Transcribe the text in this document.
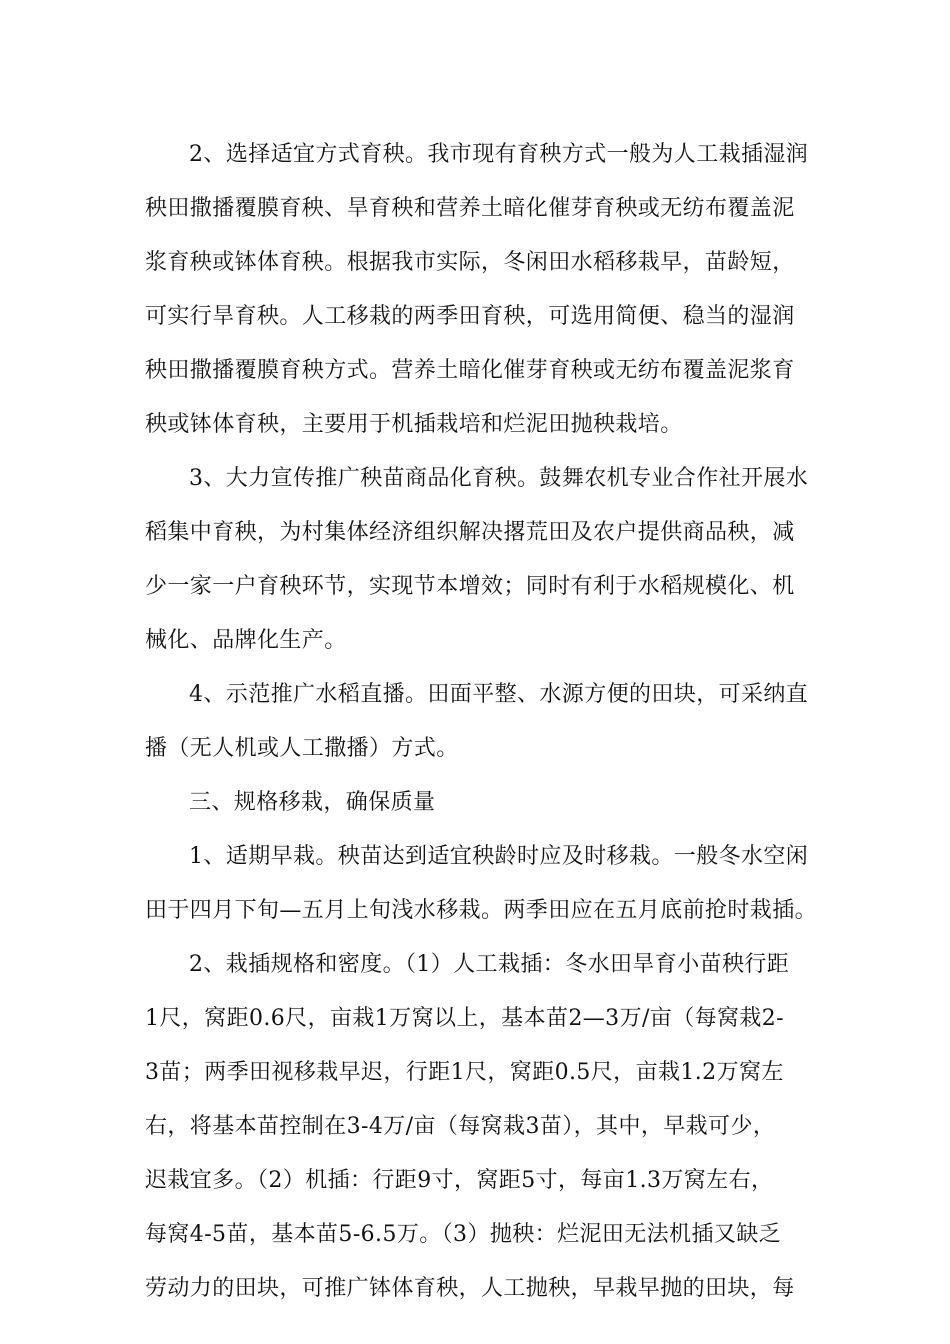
2、选择适宜方式育秧。我市现有育秧方式一般为人工栽插湿润
秧田撒播覆膜育秧、旱育秧和营养土暗化催芽育秧或无纺布覆盖泥
浆育秧或钵体育秧。根据我市实际，冬闲田水稻移栽早，苗龄短，
可实行旱育秧。人工移栽的两季田育秧，可选用简便、稳当的湿润
秧田撒播覆膜育秧方式。营养土暗化催芽育秧或无纺布覆盖泥浆育
秧或钵体育秧，主要用于机插栽培和烂泥田抛秧栽培。
3、大力宣传推广秧苗商品化育秧。鼓舞农机专业合作社开展水
稻集中育秧，为村集体经济组织解决撂荒田及农户提供商品秧，减
少一家一户育秧环节，实现节本增效；同时有利于水稻规模化、机
械化、品牌化生产。
4、示范推广水稻直播。田面平整、水源方便的田块，可采纳直
播（无人机或人工撒播）方式。
三、规格移栽，确保质量
1、适期早栽。秧苗达到适宜秧龄时应及时移栽。一般冬水空闲
田于四月下旬—五月上旬浅水移栽。两季田应在五月底前抢时栽插。
2、栽插规格和密度。（1）人工栽插：冬水田旱育小苗秧行距
1尺，窝距0.6尺，亩栽1万窝以上，基本苗2—3万/亩（每窝栽2-
3苗；两季田视移栽早迟，行距1尺，窝距0.5尺，亩栽1.2万窝左
右，将基本苗控制在3-4万/亩（每窝栽3苗），其中，早栽可少，
迟栽宜多。（2）机插：行距9寸，窝距5寸，每亩1.3万窝左右，
每窝4-5苗，基本苗5-6.5万。（3）抛秧：烂泥田无法机插又缺乏
劳动力的田块，可推广钵体育秧，人工抛秧，早栽早抛的田块，每
